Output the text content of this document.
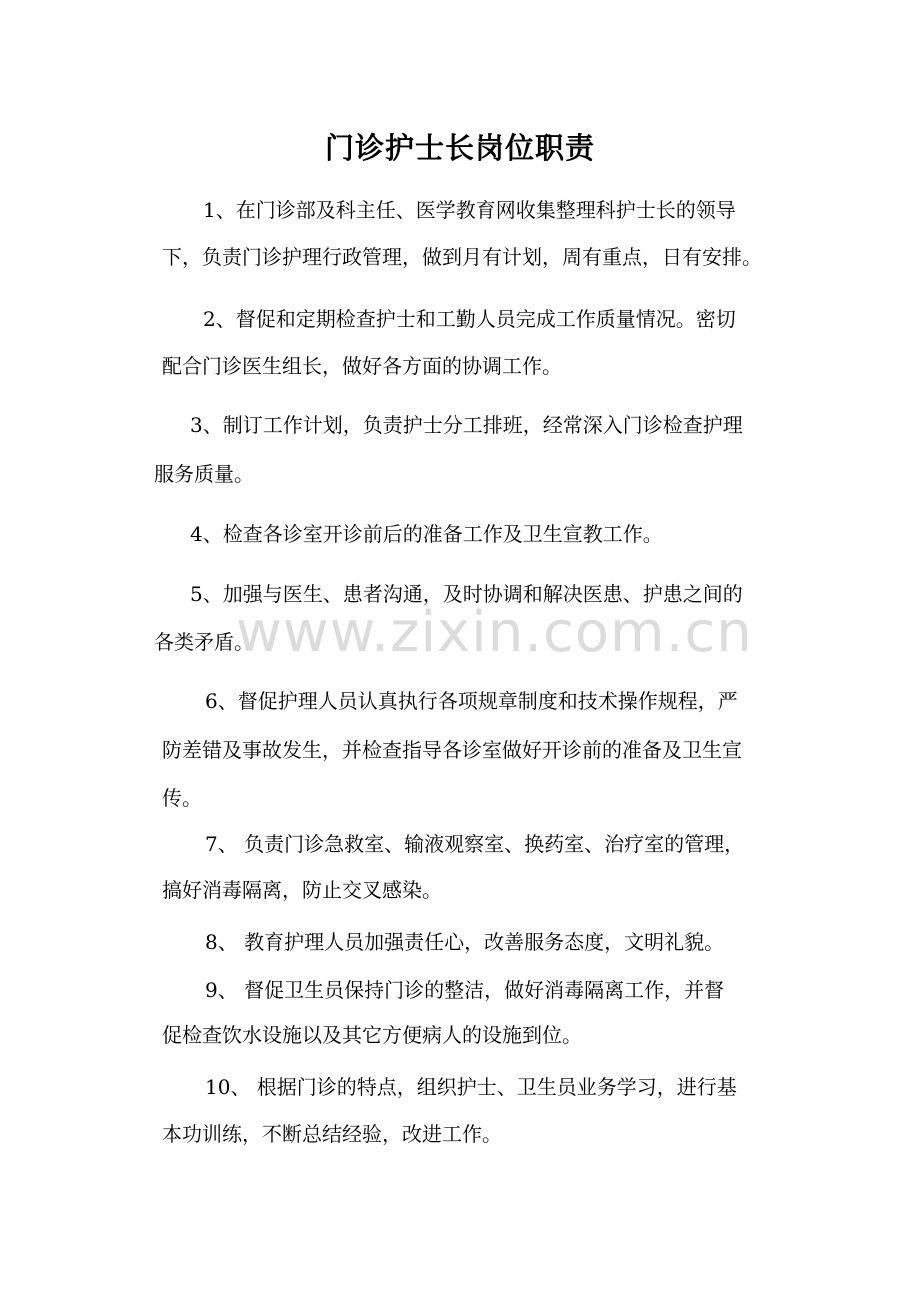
门诊护士长岗位职责
1、在门诊部及科主任、医学教育网收集整理科护士长的领导
下，负责门诊护理行政管理，做到月有计划，周有重点，日有安排。
2、督促和定期检查护士和工勤人员完成工作质量情况。密切
配合门诊医生组长，做好各方面的协调工作。
3、制订工作计划，负责护士分工排班，经常深入门诊检查护理
服务质量。
4、检查各诊室开诊前后的准备工作及卫生宣教工作。
5、加强与医生、患者沟通，及时协调和解决医患、护患之间的
各类矛盾。
6、督促护理人员认真执行各项规章制度和技术操作规程，严
防差错及事故发生，并检查指导各诊室做好开诊前的准备及卫生宣
传。
7、 负责门诊急救室、输液观察室、换药室、治疗室的管理，
搞好消毒隔离，防止交叉感染。
8、 教育护理人员加强责任心，改善服务态度，文明礼貌。
9、 督促卫生员保持门诊的整洁，做好消毒隔离工作，并督
促检查饮水设施以及其它方便病人的设施到位。
10、 根据门诊的特点，组织护士、卫生员业务学习，进行基
本功训练，不断总结经验，改进工作。
www.zixin.com.cn
